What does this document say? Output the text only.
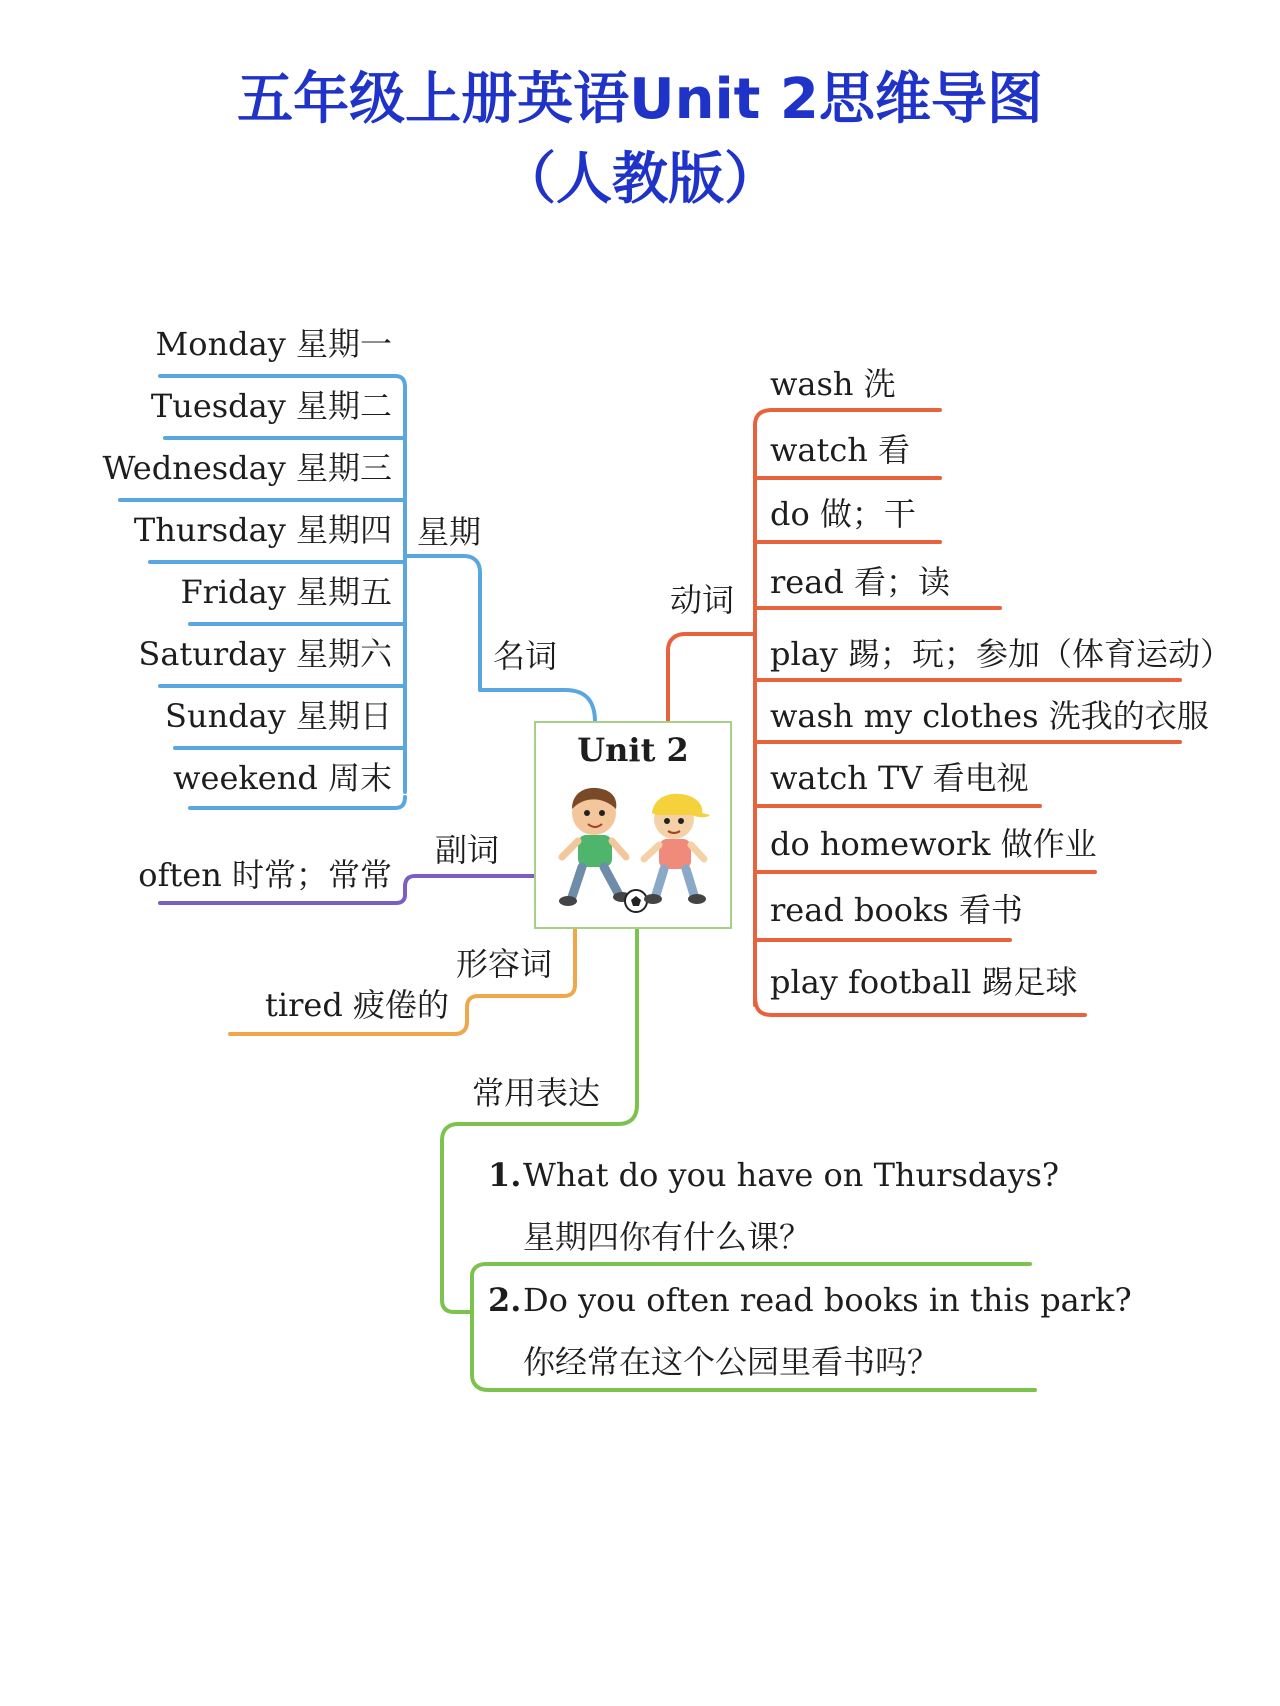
五年级上册英语Unit 2思维导图
（人教版）
名词
星期
Monday 星期一
Tuesday 星期二
Wednesday 星期三
Thursday 星期四
Friday 星期五
Saturday 星期六
Sunday 星期日
weekend 周末
副词
often 时常；常常
形容词
tired 疲倦的
动词
wash 洗
watch 看
do 做；干
read 看；读
play 踢；玩；参加（体育运动）
wash my clothes 洗我的衣服
watch TV 看电视
do homework 做作业
read books 看书
play football 踢足球
常用表达
1. What do you have on Thursdays?
星期四你有什么课？
2. Do you often read books in this park?
你经常在这个公园里看书吗？
Unit 2
